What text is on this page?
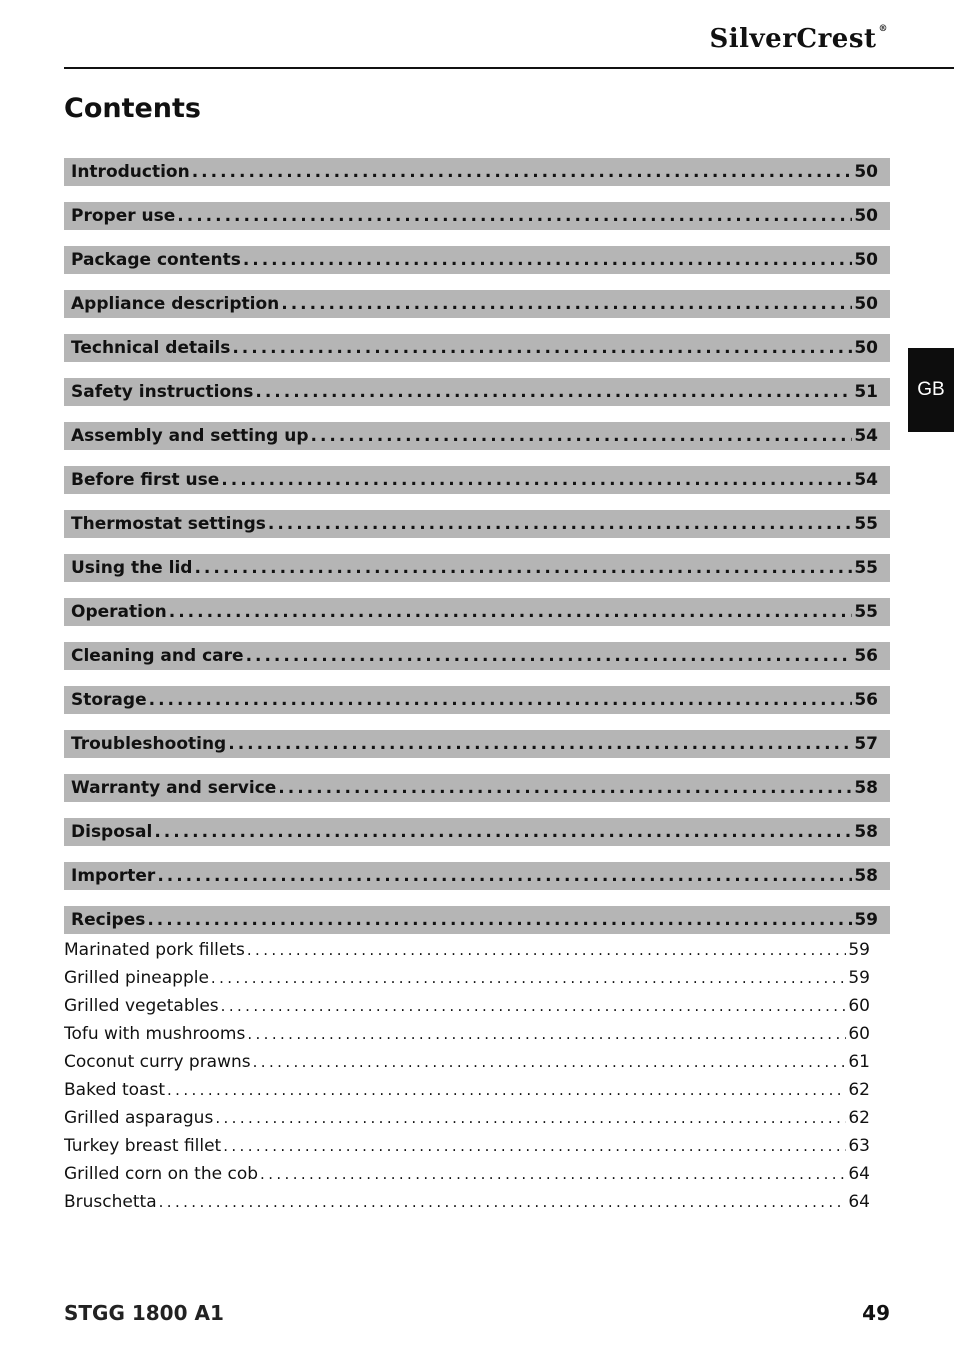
SilverCrest ®
Contents
GB
Introduction .....	50
Proper use .....	50
Package contents .....	50
Appliance description .....	50
Technical details .....	50
Safety instructions .....	51
Assembly and setting up .....	54
Before first use .....	54
Thermostat settings .....	55
Using the lid .....	55
Operation .....	55
Cleaning and care .....	56
Storage .....	56
Troubleshooting .....	57
Warranty and service .....	58
Disposal .....	58
Importer .....	58
Recipes .....	59
Marinated pork fillets .....	59
Grilled pineapple .....	59
Grilled vegetables .....	60
Tofu with mushrooms .....	60
Coconut curry prawns .....	61
Baked toast .....	62
Grilled asparagus .....	62
Turkey breast fillet .....	63
Grilled corn on the cob .....	64
Bruschetta .....	64
STGG 1800 A1	49
